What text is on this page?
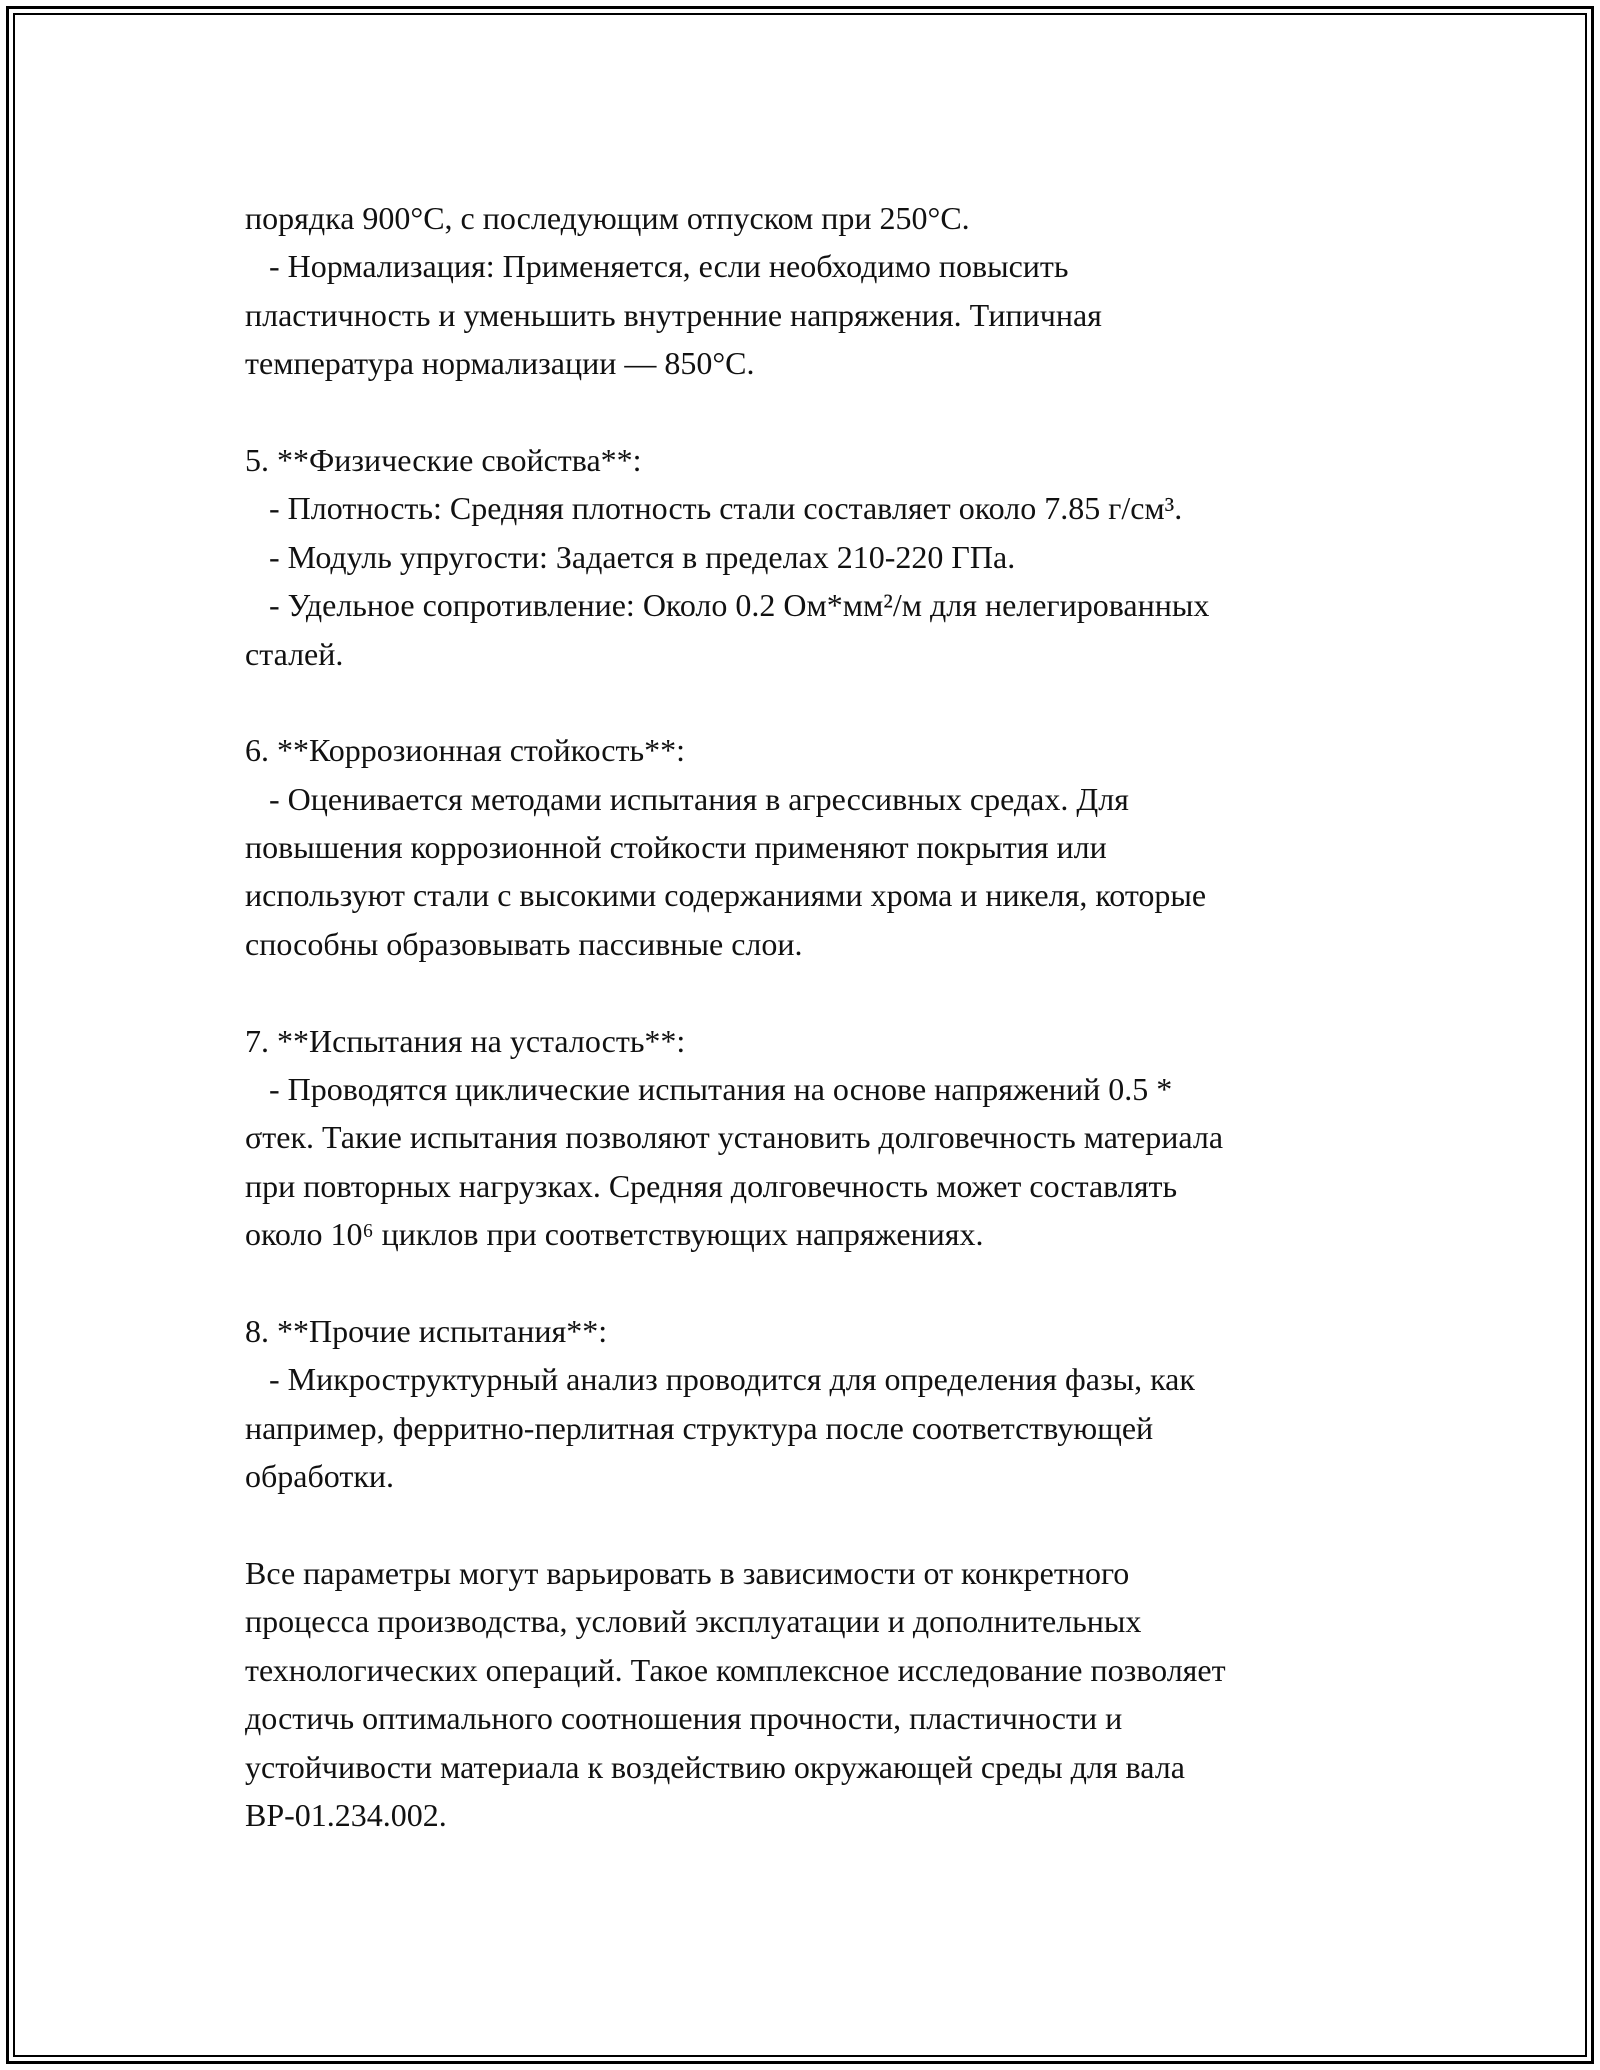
порядка 900°C, с последующим отпуском при 250°C.
- Нормализация: Применяется, если необходимо повысить
пластичность и уменьшить внутренние напряжения. Типичная
температура нормализации — 850°C.
5. **Физические свойства**:
- Плотность: Средняя плотность стали составляет около 7.85 г/см³.
- Модуль упругости: Задается в пределах 210-220 ГПа.
- Удельное сопротивление: Около 0.2 Ом*мм²/м для нелегированных
сталей.
6. **Коррозионная стойкость**:
- Оценивается методами испытания в агрессивных средах. Для
повышения коррозионной стойкости применяют покрытия или
используют стали с высокими содержаниями хрома и никеля, которые
способны образовывать пассивные слои.
7. **Испытания на усталость**:
- Проводятся циклические испытания на основе напряжений 0.5 *
σтек. Такие испытания позволяют установить долговечность материала
при повторных нагрузках. Средняя долговечность может составлять
около 10⁶ циклов при соответствующих напряжениях.
8. **Прочие испытания**:
- Микроструктурный анализ проводится для определения фазы, как
например, ферритно-перлитная структура после соответствующей
обработки.
Все параметры могут варьировать в зависимости от конкретного
процесса производства, условий эксплуатации и дополнительных
технологических операций. Такое комплексное исследование позволяет
достичь оптимального соотношения прочности, пластичности и
устойчивости материала к воздействию окружающей среды для вала
ВР-01.234.002.
